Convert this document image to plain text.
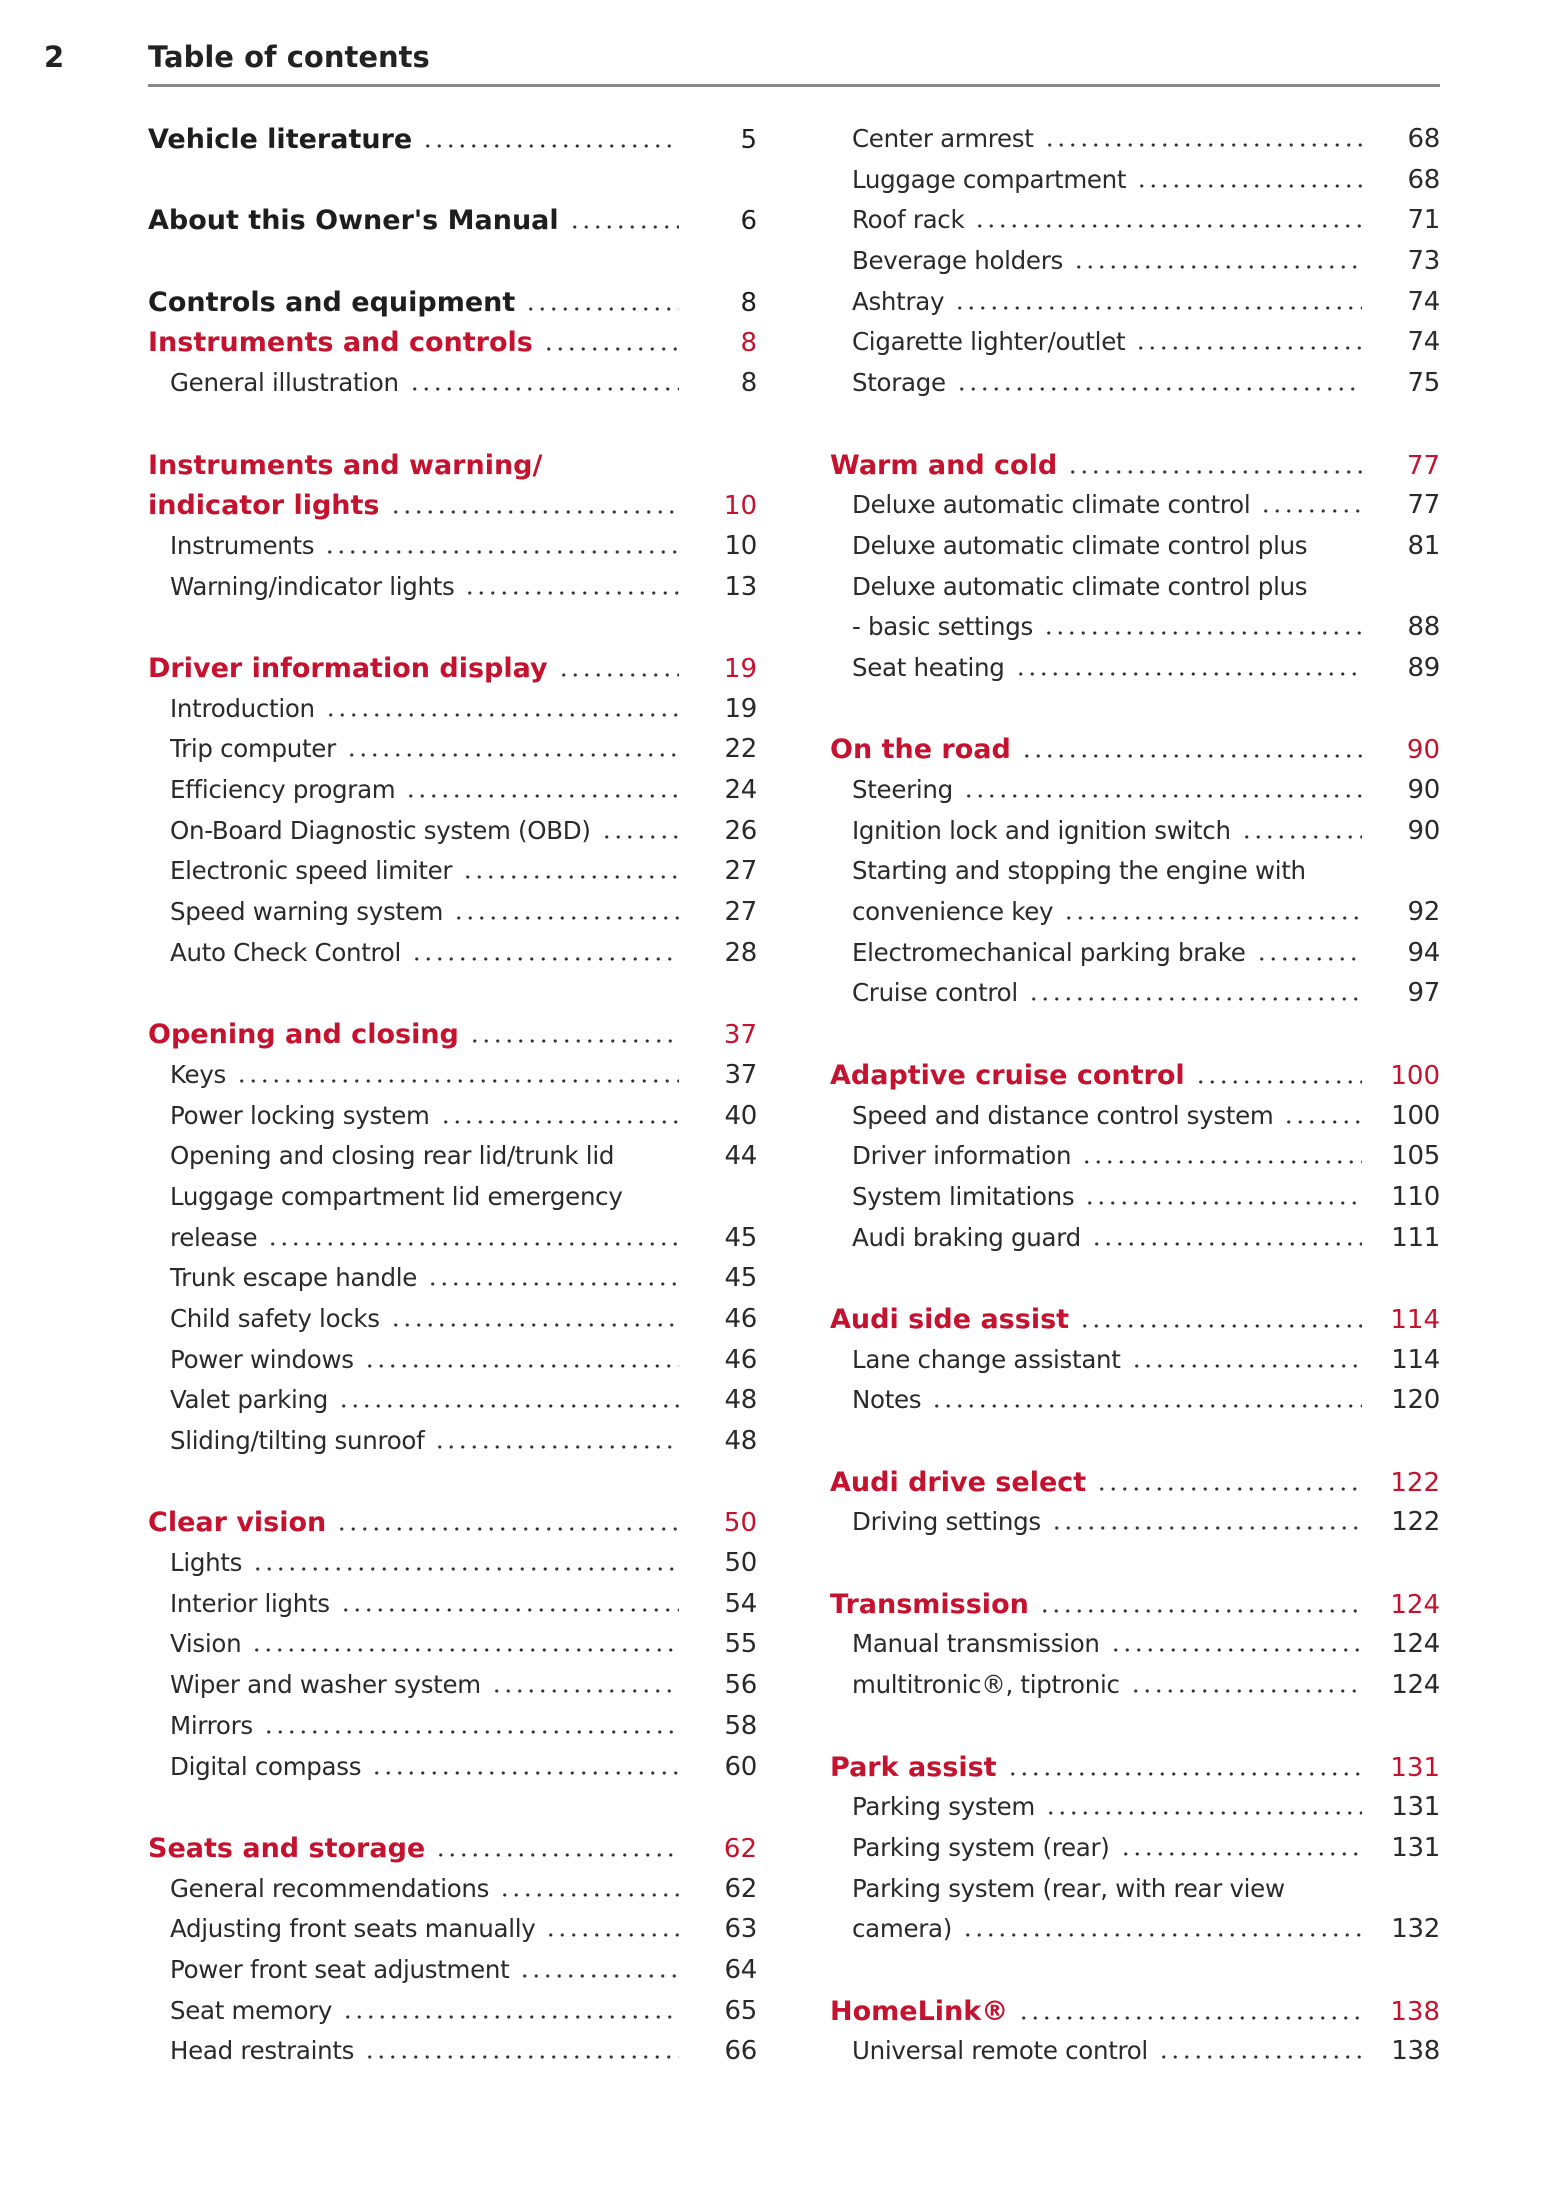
2	Table of contents
Vehicle literature	5
About this Owner's Manual	6
Controls and equipment	8
Instruments and controls	8
General illustration	8
Instruments and warning/
indicator lights	10
Instruments	10
Warning/indicator lights	13
Driver information display	19
Introduction	19
Trip computer	22
Efficiency program	24
On-Board Diagnostic system (OBD)	26
Electronic speed limiter	27
Speed warning system	27
Auto Check Control	28
Opening and closing	37
Keys	37
Power locking system	40
Opening and closing rear lid/trunk lid	44
Luggage compartment lid emergency
release	45
Trunk escape handle	45
Child safety locks	46
Power windows	46
Valet parking	48
Sliding/tilting sunroof	48
Clear vision	50
Lights	50
Interior lights	54
Vision	55
Wiper and washer system	56
Mirrors	58
Digital compass	60
Seats and storage	62
General recommendations	62
Adjusting front seats manually	63
Power front seat adjustment	64
Seat memory	65
Head restraints	66
Center armrest	68
Luggage compartment	68
Roof rack	71
Beverage holders	73
Ashtray	74
Cigarette lighter/outlet	74
Storage	75
Warm and cold	77
Deluxe automatic climate control	77
Deluxe automatic climate control plus	81
Deluxe automatic climate control plus
- basic settings	88
Seat heating	89
On the road	90
Steering	90
Ignition lock and ignition switch	90
Starting and stopping the engine with
convenience key	92
Electromechanical parking brake	94
Cruise control	97
Adaptive cruise control	100
Speed and distance control system	100
Driver information	105
System limitations	110
Audi braking guard	111
Audi side assist	114
Lane change assistant	114
Notes	120
Audi drive select	122
Driving settings	122
Transmission	124
Manual transmission	124
multitronic®, tiptronic	124
Park assist	131
Parking system	131
Parking system (rear)	131
Parking system (rear, with rear view
camera)	132
HomeLink®	138
Universal remote control	138
